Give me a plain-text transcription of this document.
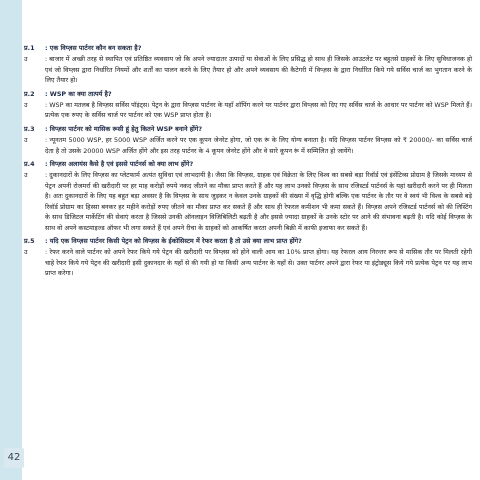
प्र.1	: एक विप्ज़स पार्टनर कौन बन सकता है?
उ	: बाजार में अच्छी तरह से स्थापित एवं प्रतिष्ठित व्यवसाय जो कि अपने ज्यादातर उत्पादों या सेवाओं के लिए प्रसिद्ध हो साथ ही जिसके आउटलेट पर बहुतसे ग्राहकों के लिए सुविधाजनक हो एवं जो विप्ज़स द्वारा निर्धारित नियमों और शर्तों का पालन करने के लिए तैयार हो और अपने व्यवसाय की कैटेगरी में विप्ज़स के द्वारा निर्धारित किये गये सर्विस चार्ज का भुगतान करने के लिए तैयार हो।
प्र.2	: WSP का क्या तात्पर्य है?
उ	: WSP का मतलब है विप्ज़स सर्विस पॉइंट्स। पेट्रन के द्वारा विप्ज़स पार्टनर के यहाँ शॉपिंग करने पर पार्टनर द्वारा विप्ज़स को दिए गए सर्विस चार्ज के आधार पर पार्टनर को WSP मिलते हैं। प्रत्येक एक रुपए के सर्विस चार्ज पर पार्टनर को एक WSP प्राप्त होता है।
प्र.3	: विप्ज़स पार्टनर को मासिक रूसी हूं हेतु कितने WSP बनाने होंगे?
उ	: न्यूनतम 5000 WSP, हर 5000 WSP अर्जित करने पर एक कूपन जेनरेट होगा, जो एक रूं के लिए योग्य बनाता है। यदि विप्ज़स पार्टनर विप्ज़स को ₹ 20000/- का सर्विस चार्ज देता है तो उसके 20000 WSP अर्जित होंगे और इस तरह पार्टनर के 4 कूपन जेनरेट होंगे और वे सारे कूपन रूं में सम्मिलित हो जायेंगे।
प्र.4	: विप्ज़स अलायंस कैसे है एवं इससे पार्टनर्स को क्या लाभ होंगे?
उ	: दुकानदारों के लिए विप्ज़स का प्लेटफार्म अत्यंत सुविधा एवं लाभदायी है। जैसा कि विप्ज़स, ग्राहक एवं विक्रेता के लिए विश्व का सबसे बड़ा रिवॉर्ड एवं इंसेंटिव्स प्रोग्राम है जिसके माध्यम से पेट्रन अपनी रोजमर्रा की खरीदारी पर हर माह करोड़ों रुपये नकद जीतने का मौका प्राप्त करते हैं और यह लाभ उनको विप्ज़स के साथ रजिस्टर्ड पार्टनर्स के यहां खरीदारी करने पर ही मिलता है। अतः दुकानदारों के लिए यह बहुत बड़ा अवसर है कि विप्ज़स के साथ जुड़कर न केवल उनके ग्राहकों की संख्या में वृद्धि होगी बल्कि एक पार्टनर के तौर पर वे स्वयं भी विश्व के सबसे बड़े रिवॉर्ड प्रोग्राम का हिस्सा बनकर हर महीने करोड़ों रुपए जीतने का मौका प्राप्त कर सकते हैं और साथ ही रेफरल कमीशन भी कमा सकते हैं। विप्ज़स अपने रजिस्टर्ड पार्टनर्स को की लिस्टिंग के साथ डिजिटल मार्केटिंग की सेवाएं करता है जिससे उनकी ऑनलाइन विजिबिलिटी बढ़ती है और इससे ज्यादा ग्राहकों के उनके स्टोर पर आने की संभावना बढ़ती है। यदि कोई विप्ज़स के साथ वो अपने कस्टमाइज्ड ऑफर भी लगा सकते हैं एवं अपने रीचा के ग्राहकों को आकर्षित करता अपनी बिक्री में काफी इजाफा कर सकते हैं।
प्र.5	: यदि एक विप्ज़स पार्टनर किसी पेट्रन को विप्ज़स के ईकोसिस्टम में रेफर करता है तो उसे क्या लाभ प्राप्त होंगे?
उ	: रेफर करने वाले पार्टनर को अपने रेफर किये गये पेट्रन की खरीदारी पर विप्ज़स को होने वाली आय का 10% प्राप्त होगा। यह रेफरल आय निरन्तर रूप से मासिक तौर पर मिलती रहेगी चाहे रेफर किये गये पेट्रन की खरीदारी इसी दुकानदार के यहाँ से की गयी हो या किसी अन्य पार्टनर के यहाँ से। उक्त पार्टनर अपने द्वारा रेफर या इंट्रोड्यूस किये गये प्रत्येक पेट्रन पर यह लाभ प्राप्त करेगा।
42
